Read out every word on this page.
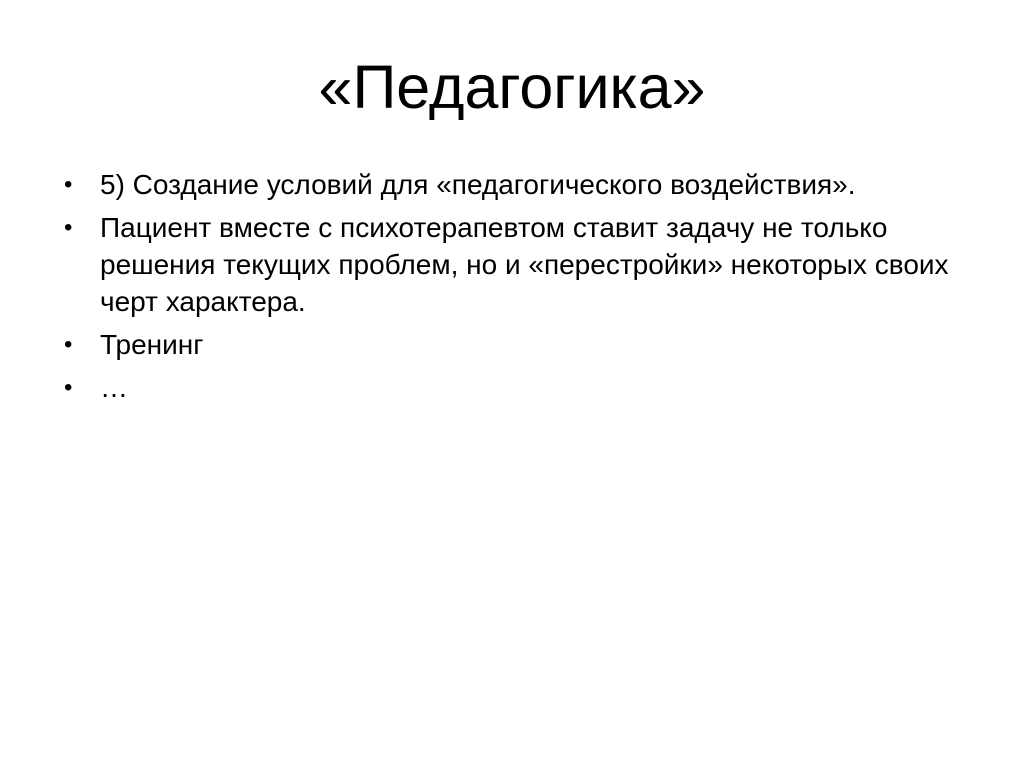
«Педагогика»
• 5) Создание условий для «педагогического воздействия».
• Пациент вместе с психотерапевтом ставит задачу не только решения текущих проблем, но и «перестройки» некоторых своих черт характера.
• Тренинг
• …
